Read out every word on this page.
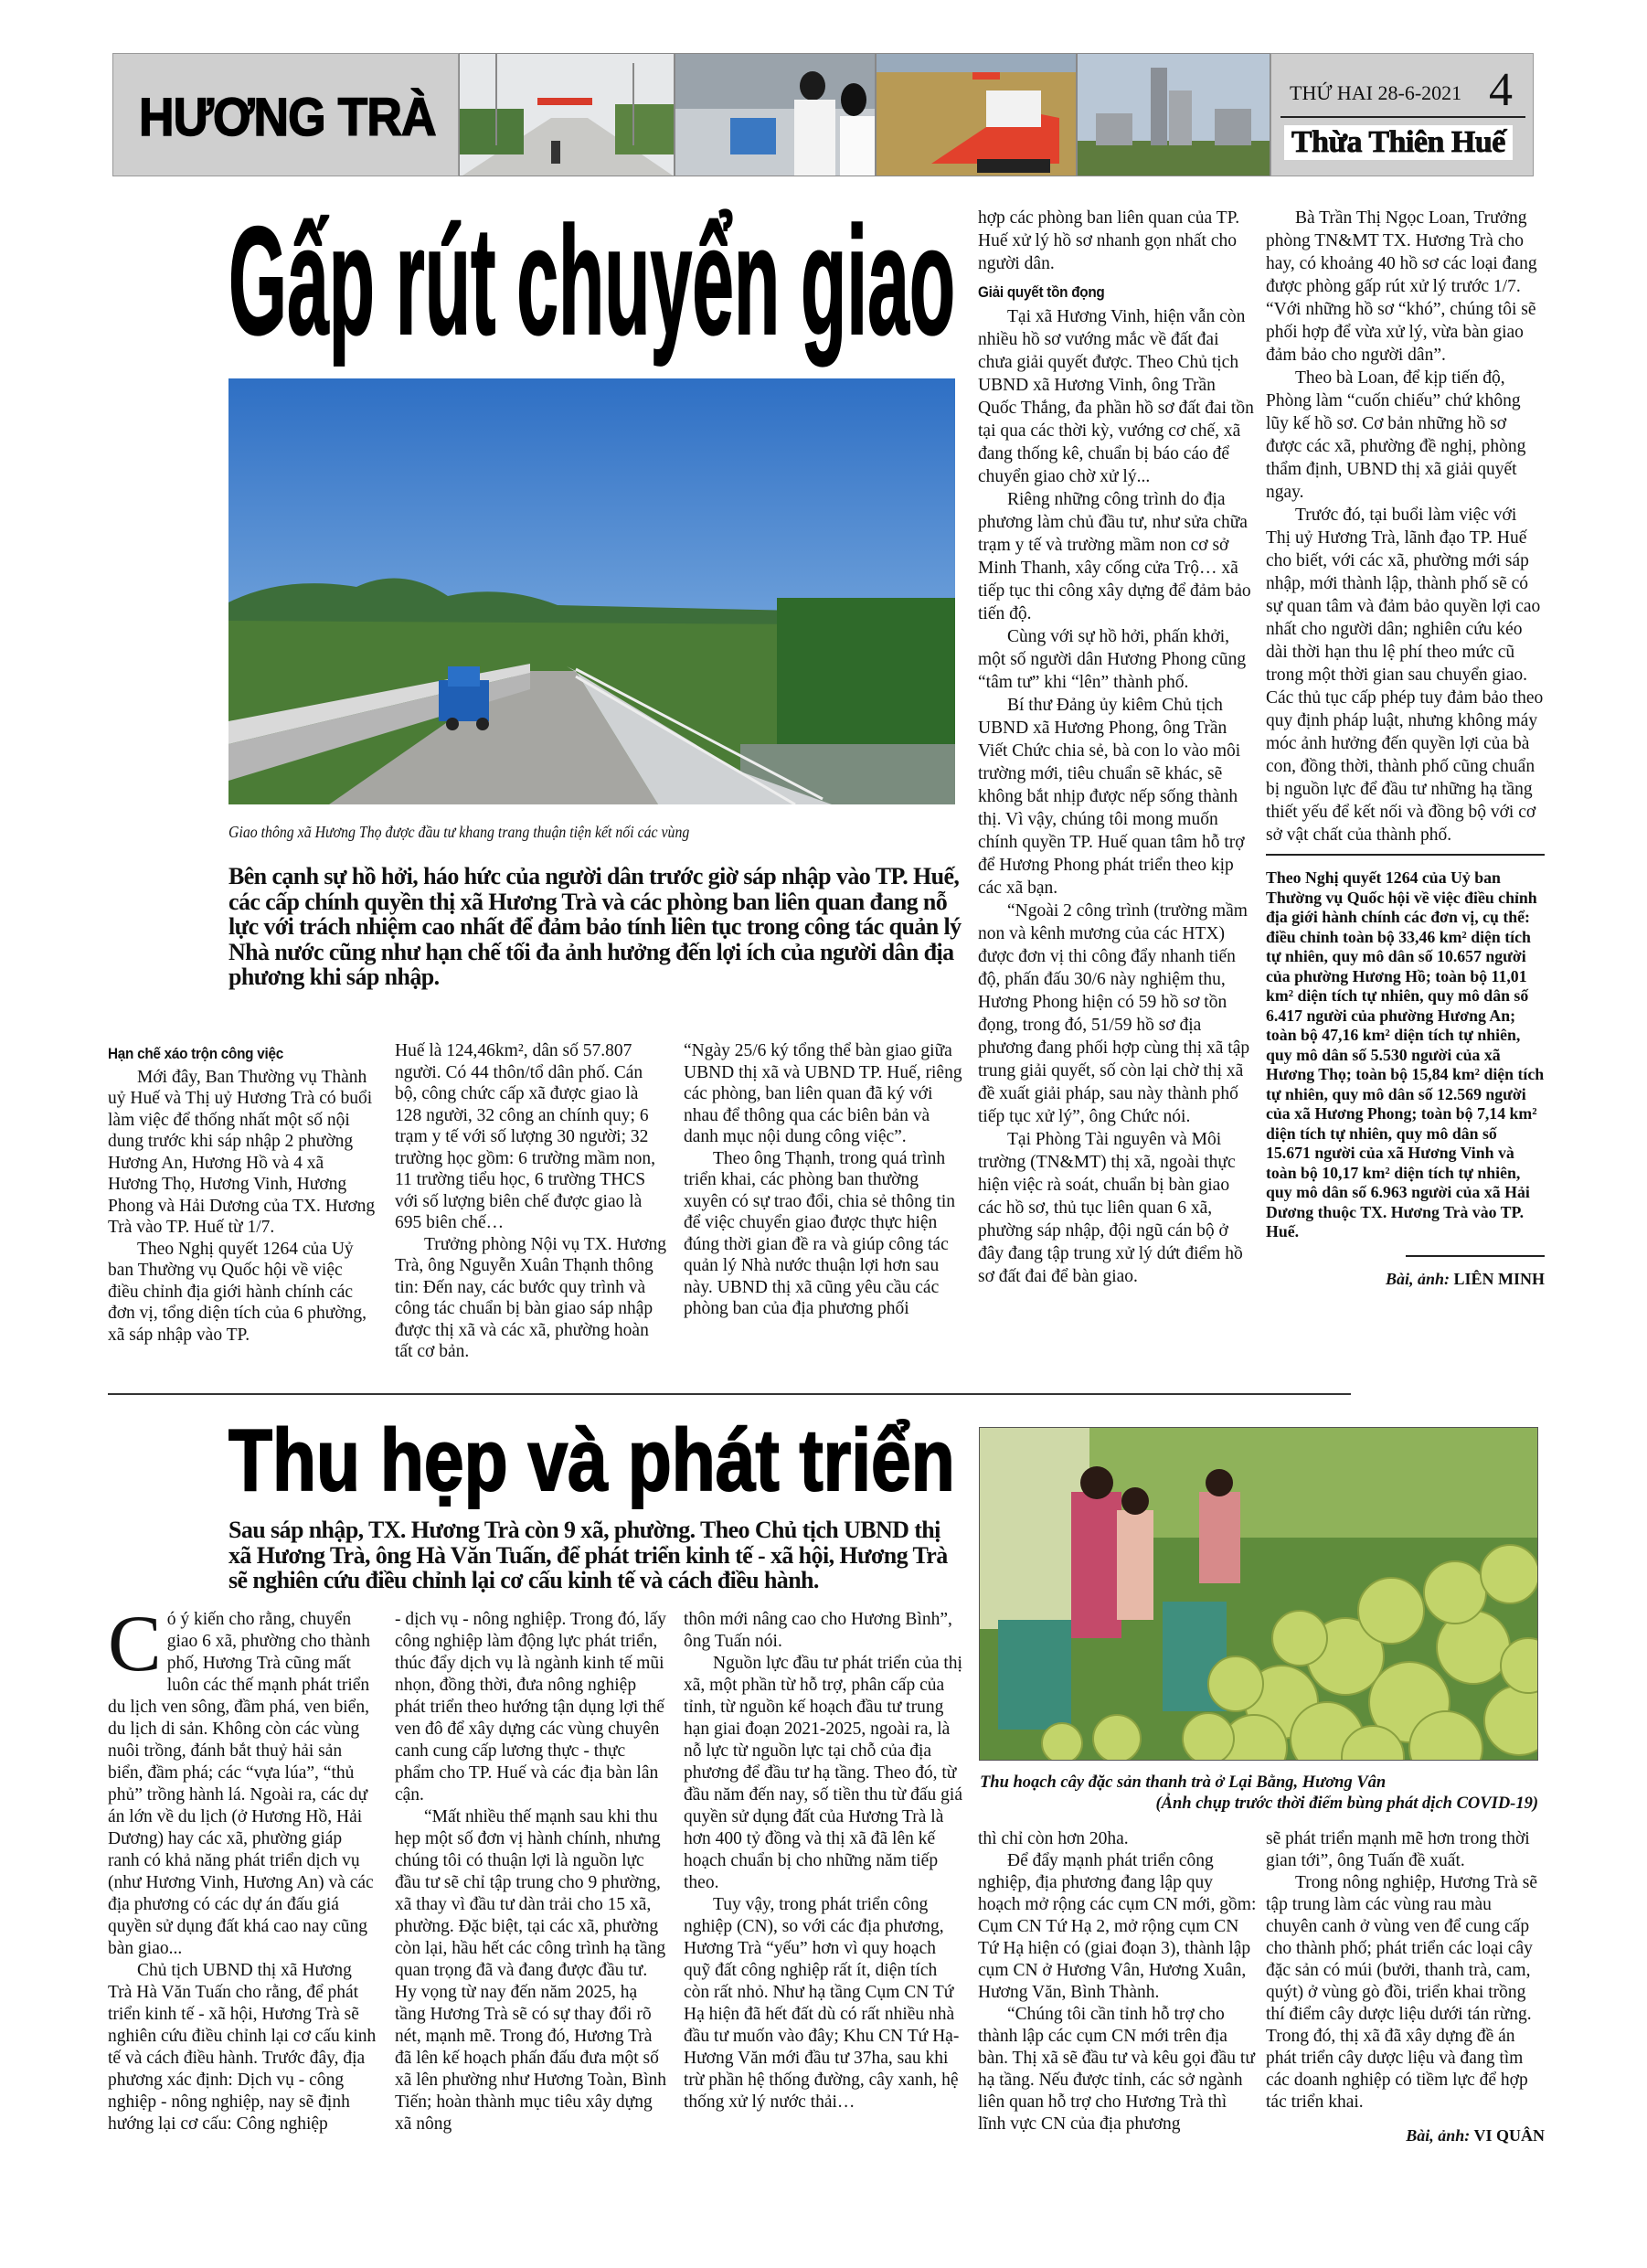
HƯƠNG TRÀ	THỨ HAI 28-6-2021 4
Thừa Thiên Huế
Gấp rút chuyển giao
Giao thông xã Hương Thọ được đầu tư khang trang thuận tiện kết nối các vùng
Bên cạnh sự hồ hởi, háo hức của người dân trước giờ sáp nhập vào TP. Huế, các cấp chính quyền thị xã Hương Trà và các phòng ban liên quan đang nỗ lực với trách nhiệm cao nhất để đảm bảo tính liên tục trong công tác quản lý Nhà nước cũng như hạn chế tối đa ảnh hưởng đến lợi ích của người dân địa phương khi sáp nhập.

Hạn chế xáo trộn công việc

Mới đây, Ban Thường vụ Thành uỷ Huế và Thị uỷ Hương Trà có buổi làm việc để thống nhất một số nội dung trước khi sáp nhập 2 phường Hương An, Hương Hồ và 4 xã Hương Thọ, Hương Vinh, Hương Phong và Hải Dương của TX. Hương Trà vào TP. Huế từ 1/7.

Theo Nghị quyết 1264 của Uỷ ban Thường vụ Quốc hội về việc điều chỉnh địa giới hành chính các đơn vị, tổng diện tích của 6 phường, xã sáp nhập vào TP.

Huế là 124,46km², dân số 57.807 người. Có 44 thôn/tổ dân phố. Cán bộ, công chức cấp xã được giao là 128 người, 32 công an chính quy; 6 trạm y tế với số lượng 30 người; 32 trường học gồm: 6 trường mầm non, 11 trường tiểu học, 6 trường THCS với số lượng biên chế được giao là 695 biên chế…

Trưởng phòng Nội vụ TX. Hương Trà, ông Nguyễn Xuân Thạnh thông tin: Đến nay, các bước quy trình và công tác chuẩn bị bàn giao sáp nhập được thị xã và các xã, phường hoàn tất cơ bản.

“Ngày 25/6 ký tổng thể bàn giao giữa UBND thị xã và UBND TP. Huế, riêng các phòng, ban liên quan đã ký với nhau để thông qua các biên bản và danh mục nội dung công việc”.

Theo ông Thạnh, trong quá trình triển khai, các phòng ban thường xuyên có sự trao đổi, chia sẻ thông tin để việc chuyển giao được thực hiện đúng thời gian đề ra và giúp công tác quản lý Nhà nước thuận lợi hơn sau này. UBND thị xã cũng yêu cầu các phòng ban của địa phương phối

hợp các phòng ban liên quan của TP. Huế xử lý hồ sơ nhanh gọn nhất cho người dân.

Giải quyết tồn đọng

Tại xã Hương Vinh, hiện vẫn còn nhiều hồ sơ vướng mắc về đất đai chưa giải quyết được. Theo Chủ tịch UBND xã Hương Vinh, ông Trần Quốc Thắng, đa phần hồ sơ đất đai tồn tại qua các thời kỳ, vướng cơ chế, xã đang thống kê, chuẩn bị báo cáo để chuyển giao chờ xử lý...

Riêng những công trình do địa phương làm chủ đầu tư, như sửa chữa trạm y tế và trường mầm non cơ sở Minh Thanh, xây cống cửa Trộ… xã tiếp tục thi công xây dựng để đảm bảo tiến độ.

Cùng với sự hồ hởi, phấn khởi, một số người dân Hương Phong cũng “tâm tư” khi “lên” thành phố.

Bí thư Đảng ủy kiêm Chủ tịch UBND xã Hương Phong, ông Trần Viết Chức chia sẻ, bà con lo vào môi trường mới, tiêu chuẩn sẽ khác, sẽ không bắt nhịp được nếp sống thành thị. Vì vậy, chúng tôi mong muốn chính quyền TP. Huế quan tâm hỗ trợ để Hương Phong phát triển theo kịp các xã bạn.

“Ngoài 2 công trình (trường mầm non và kênh mương của các HTX) được đơn vị thi công đẩy nhanh tiến độ, phấn đấu 30/6 này nghiệm thu, Hương Phong hiện có 59 hồ sơ tồn đọng, trong đó, 51/59 hồ sơ địa phương đang phối hợp cùng thị xã tập trung giải quyết, số còn lại chờ thị xã đề xuất giải pháp, sau này thành phố tiếp tục xử lý”, ông Chức nói.

Tại Phòng Tài nguyên và Môi trường (TN&MT) thị xã, ngoài thực hiện việc rà soát, chuẩn bị bàn giao các hồ sơ, thủ tục liên quan 6 xã, phường sáp nhập, đội ngũ cán bộ ở đây đang tập trung xử lý dứt điểm hồ sơ đất đai để bàn giao.

Bà Trần Thị Ngọc Loan, Trưởng phòng TN&MT TX. Hương Trà cho hay, có khoảng 40 hồ sơ các loại đang được phòng gấp rút xử lý trước 1/7. “Với những hồ sơ “khó”, chúng tôi sẽ phối hợp để vừa xử lý, vừa bàn giao đảm bảo cho người dân”.

Theo bà Loan, để kịp tiến độ, Phòng làm “cuốn chiếu” chứ không lũy kế hồ sơ. Cơ bản những hồ sơ được các xã, phường đề nghị, phòng thẩm định, UBND thị xã giải quyết ngay.

Trước đó, tại buổi làm việc với Thị uỷ Hương Trà, lãnh đạo TP. Huế cho biết, với các xã, phường mới sáp nhập, mới thành lập, thành phố sẽ có sự quan tâm và đảm bảo quyền lợi cao nhất cho người dân; nghiên cứu kéo dài thời hạn thu lệ phí theo mức cũ trong một thời gian sau chuyển giao. Các thủ tục cấp phép tuy đảm bảo theo quy định pháp luật, nhưng không máy móc ảnh hưởng đến quyền lợi của bà con, đồng thời, thành phố cũng chuẩn bị nguồn lực để đầu tư những hạ tầng thiết yếu để kết nối và đồng bộ với cơ sở vật chất của thành phố.

Theo Nghị quyết 1264 của Uỷ ban Thường vụ Quốc hội về việc điều chỉnh địa giới hành chính các đơn vị, cụ thể: điều chỉnh toàn bộ 33,46 km² diện tích tự nhiên, quy mô dân số 10.657 người của phường Hương Hồ; toàn bộ 11,01 km² diện tích tự nhiên, quy mô dân số 6.417 người của phường Hương An; toàn bộ 47,16 km² diện tích tự nhiên, quy mô dân số 5.530 người của xã Hương Thọ; toàn bộ 15,84 km² diện tích tự nhiên, quy mô dân số 12.569 người của xã Hương Phong; toàn bộ 7,14 km² diện tích tự nhiên, quy mô dân số 15.671 người của xã Hương Vinh và toàn bộ 10,17 km² diện tích tự nhiên, quy mô dân số 6.963 người của xã Hải Dương thuộc TX. Hương Trà vào TP. Huế.

Bài, ảnh: LIÊN MINH

Thu hẹp và phát triển
Thu hoạch cây đặc sản thanh trà ở Lại Bằng, Hương Vân
(Ảnh chụp trước thời điểm bùng phát dịch COVID-19)
Sau sáp nhập, TX. Hương Trà còn 9 xã, phường. Theo Chủ tịch UBND thị xã Hương Trà, ông Hà Văn Tuấn, để phát triển kinh tế - xã hội, Hương Trà sẽ nghiên cứu điều chỉnh lại cơ cấu kinh tế và cách điều hành.

Có ý kiến cho rằng, chuyển giao 6 xã, phường cho thành phố, Hương Trà cũng mất luôn các thế mạnh phát triển du lịch ven sông, đầm phá, ven biển, du lịch di sản. Không còn các vùng nuôi trồng, đánh bắt thuỷ hải sản biển, đầm phá; các “vựa lúa”, “thủ phủ” trồng hành lá. Ngoài ra, các dự án lớn về du lịch (ở Hương Hồ, Hải Dương) hay các xã, phường giáp ranh có khả năng phát triển dịch vụ (như Hương Vinh, Hương An) và các địa phương có các dự án đấu giá quyền sử dụng đất khá cao nay cũng bàn giao...

Chủ tịch UBND thị xã Hương Trà Hà Văn Tuấn cho rằng, để phát triển kinh tế - xã hội, Hương Trà sẽ nghiên cứu điều chỉnh lại cơ cấu kinh tế và cách điều hành. Trước đây, địa phương xác định: Dịch vụ - công nghiệp - nông nghiệp, nay sẽ định hướng lại cơ cấu: Công nghiệp

- dịch vụ - nông nghiệp. Trong đó, lấy công nghiệp làm động lực phát triển, thúc đẩy dịch vụ là ngành kinh tế mũi nhọn, đồng thời, đưa nông nghiệp phát triển theo hướng tận dụng lợi thế ven đô để xây dựng các vùng chuyên canh cung cấp lương thực - thực phẩm cho TP. Huế và các địa bàn lân cận.

“Mất nhiều thế mạnh sau khi thu hẹp một số đơn vị hành chính, nhưng chúng tôi có thuận lợi là nguồn lực đầu tư sẽ chỉ tập trung cho 9 phường, xã thay vì đầu tư dàn trải cho 15 xã, phường. Đặc biệt, tại các xã, phường còn lại, hầu hết các công trình hạ tầng quan trọng đã và đang được đầu tư. Hy vọng từ nay đến năm 2025, hạ tầng Hương Trà sẽ có sự thay đổi rõ nét, mạnh mẽ. Trong đó, Hương Trà đã lên kế hoạch phấn đấu đưa một số xã lên phường như Hương Toàn, Bình Tiến; hoàn thành mục tiêu xây dựng xã nông

thôn mới nâng cao cho Hương Bình”, ông Tuấn nói.

Nguồn lực đầu tư phát triển của thị xã, một phần từ hỗ trợ, phân cấp của tỉnh, từ nguồn kế hoạch đầu tư trung hạn giai đoạn 2021-2025, ngoài ra, là nỗ lực từ nguồn lực tại chỗ của địa phương để đầu tư hạ tầng. Theo đó, từ đầu năm đến nay, số tiền thu từ đấu giá quyền sử dụng đất của Hương Trà là hơn 400 tỷ đồng và thị xã đã lên kế hoạch chuẩn bị cho những năm tiếp theo.

Tuy vậy, trong phát triển công nghiệp (CN), so với các địa phương, Hương Trà “yếu” hơn vì quy hoạch quỹ đất công nghiệp rất ít, diện tích còn rất nhỏ. Như hạ tầng Cụm CN Tứ Hạ hiện đã hết đất dù có rất nhiều nhà đầu tư muốn vào đây; Khu CN Tứ Hạ-Hương Văn mới đầu tư 37ha, sau khi trừ phần hệ thống đường, cây xanh, hệ thống xử lý nước thải…

thì chỉ còn hơn 20ha.

Để đẩy mạnh phát triển công nghiệp, địa phương đang lập quy hoạch mở rộng các cụm CN mới, gồm: Cụm CN Tứ Hạ 2, mở rộng cụm CN Tứ Hạ hiện có (giai đoạn 3), thành lập cụm CN ở Hương Vân, Hương Xuân, Hương Văn, Bình Thành.

“Chúng tôi cần tỉnh hỗ trợ cho thành lập các cụm CN mới trên địa bàn. Thị xã sẽ đầu tư và kêu gọi đầu tư hạ tầng. Nếu được tỉnh, các sở ngành liên quan hỗ trợ cho Hương Trà thì lĩnh vực CN của địa phương

sẽ phát triển mạnh mẽ hơn trong thời gian tới”, ông Tuấn đề xuất.

Trong nông nghiệp, Hương Trà sẽ tập trung làm các vùng rau màu chuyên canh ở vùng ven để cung cấp cho thành phố; phát triển các loại cây đặc sản có múi (bưởi, thanh trà, cam, quýt) ở vùng gò đồi, triển khai trồng thí điểm cây dược liệu dưới tán rừng. Trong đó, thị xã đã xây dựng đề án phát triển cây dược liệu và đang tìm các doanh nghiệp có tiềm lực để hợp tác triển khai.

Bài, ảnh: VI QUÂN
